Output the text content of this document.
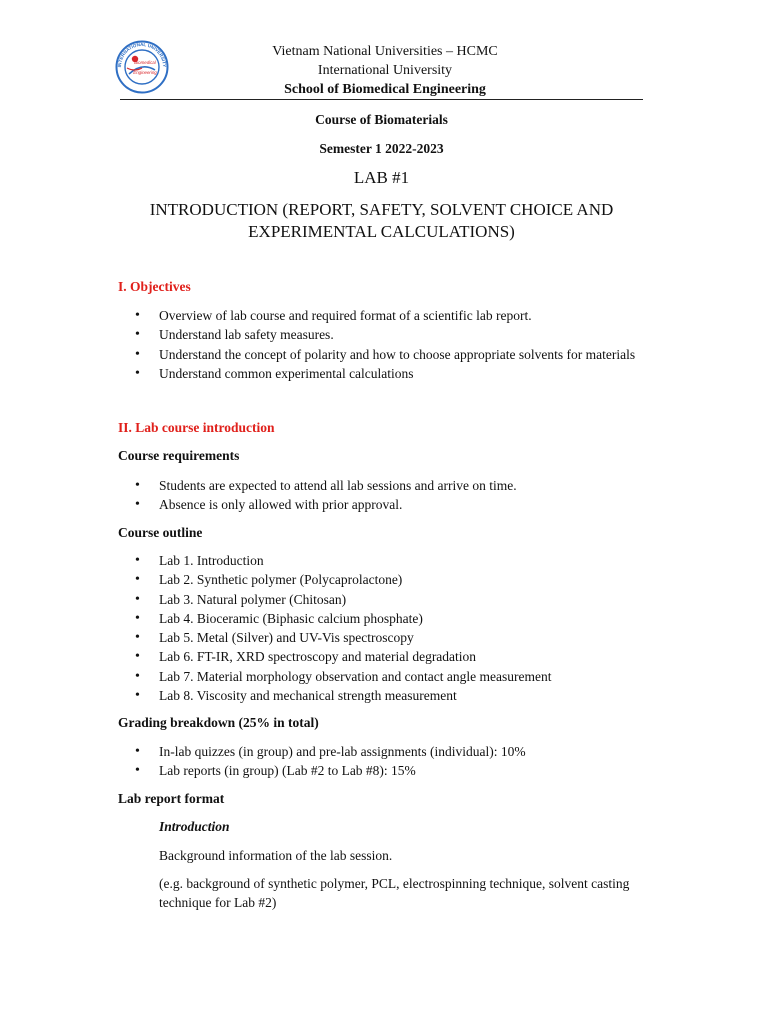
Biomedical
Engineering
INTERNATIONAL UNIVERSITY
Vietnam National Universities – HCMC
International University
School of Biomedical Engineering
Course of Biomaterials
Semester 1 2022-2023
LAB #1
INTRODUCTION (REPORT, SAFETY, SOLVENT CHOICE AND
EXPERIMENTAL CALCULATIONS)
I. Objectives
• Overview of lab course and required format of a scientific lab report.
• Understand lab safety measures.
• Understand the concept of polarity and how to choose appropriate solvents for materials
• Understand common experimental calculations
II. Lab course introduction
Course requirements
• Students are expected to attend all lab sessions and arrive on time.
• Absence is only allowed with prior approval.
Course outline
• Lab 1. Introduction
• Lab 2. Synthetic polymer (Polycaprolactone)
• Lab 3. Natural polymer (Chitosan)
• Lab 4. Bioceramic (Biphasic calcium phosphate)
• Lab 5. Metal (Silver) and UV-Vis spectroscopy
• Lab 6. FT-IR, XRD spectroscopy and material degradation
• Lab 7. Material morphology observation and contact angle measurement
• Lab 8. Viscosity and mechanical strength measurement
Grading breakdown (25% in total)
• In-lab quizzes (in group) and pre-lab assignments (individual): 10%
• Lab reports (in group) (Lab #2 to Lab #8): 15%
Lab report format
Introduction
Background information of the lab session.
(e.g. background of synthetic polymer, PCL, electrospinning technique, solvent casting technique for Lab #2)
